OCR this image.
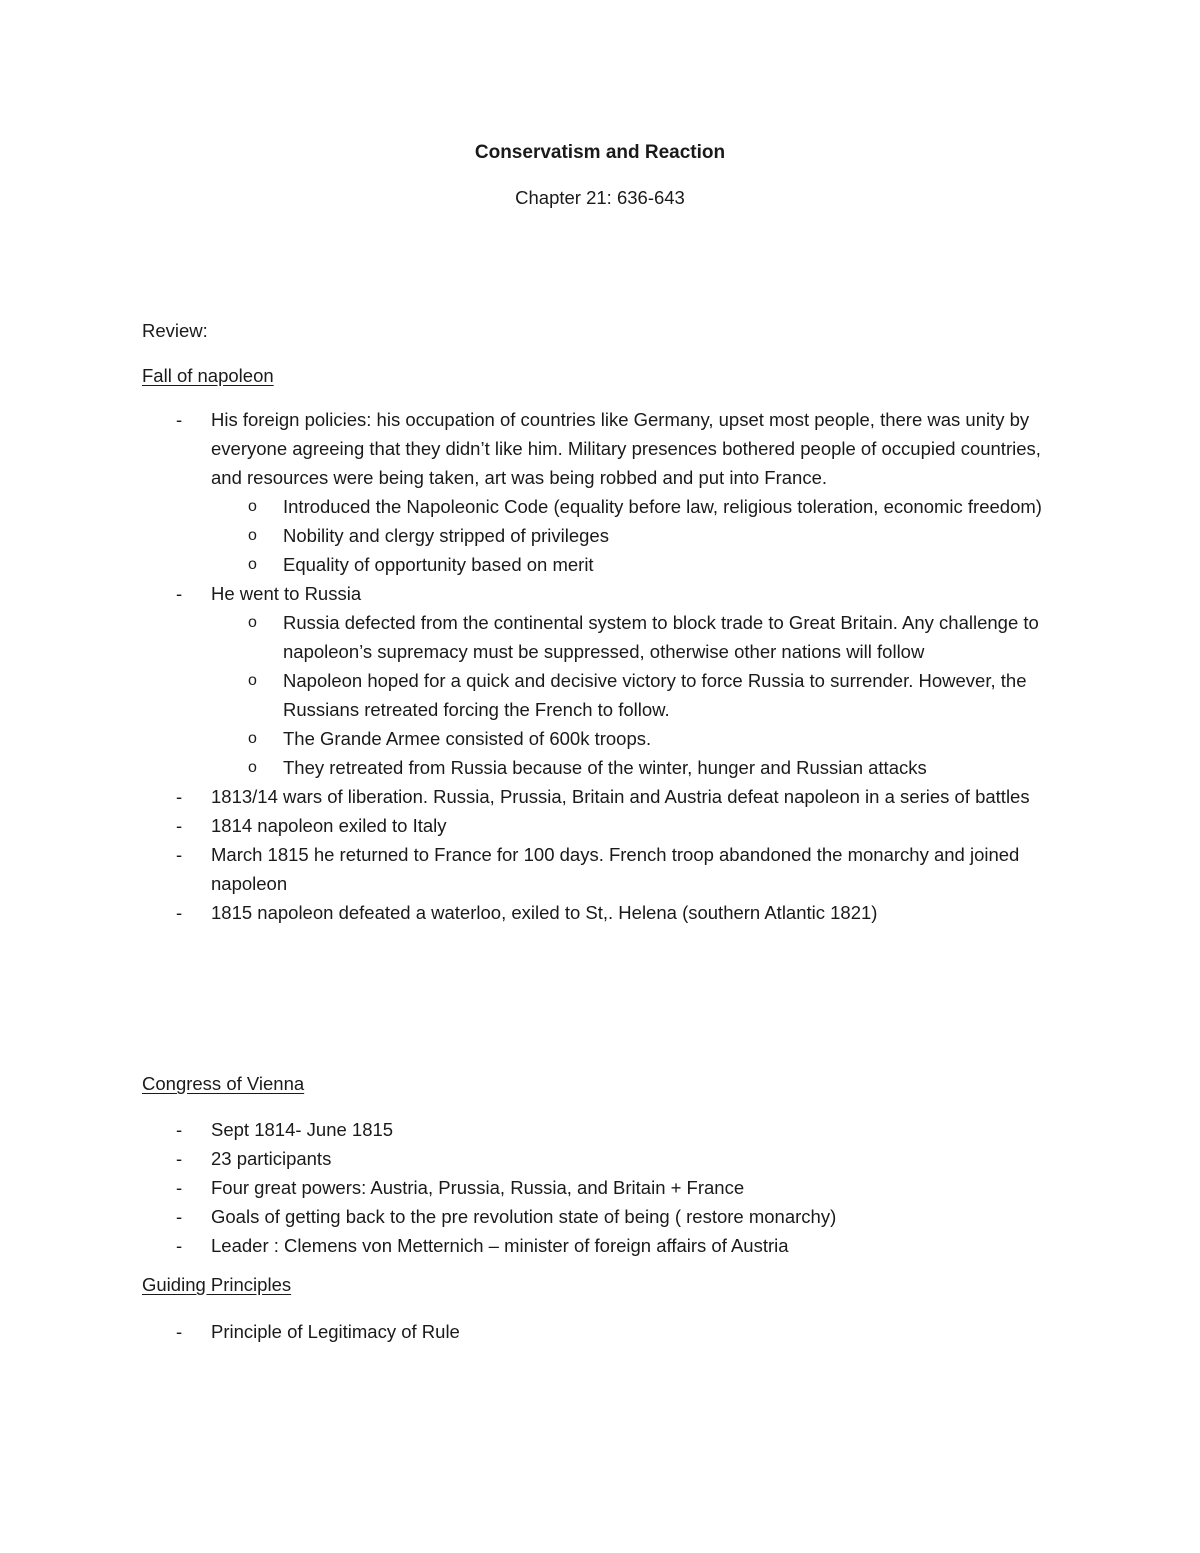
Conservatism and Reaction
Chapter 21: 636-643
Review:
Fall of napoleon
- His foreign policies: his occupation of countries like Germany, upset most people, there was unity by everyone agreeing that they didn’t like him. Military presences bothered people of occupied countries, and resources were being taken, art was being robbed and put into France.
o Introduced the Napoleonic Code (equality before law, religious toleration, economic freedom)
o Nobility and clergy stripped of privileges
o Equality of opportunity based on merit
- He went to Russia
o Russia defected from the continental system to block trade to Great Britain. Any challenge to napoleon’s supremacy must be suppressed, otherwise other nations will follow
o Napoleon hoped for a quick and decisive victory to force Russia to surrender. However, the Russians retreated forcing the French to follow.
o The Grande Armee consisted of 600k troops.
o They retreated from Russia because of the winter, hunger and Russian attacks
- 1813/14 wars of liberation. Russia, Prussia, Britain and Austria defeat napoleon in a series of battles
- 1814 napoleon exiled to Italy
- March 1815 he returned to France for 100 days. French troop abandoned the monarchy and joined napoleon
- 1815 napoleon defeated a waterloo, exiled to St,. Helena (southern Atlantic 1821)
Congress of Vienna
- Sept 1814- June 1815
- 23 participants
- Four great powers: Austria, Prussia, Russia, and Britain + France
- Goals of getting back to the pre revolution state of being ( restore monarchy)
- Leader : Clemens von Metternich – minister of foreign affairs of Austria
Guiding Principles
- Principle of Legitimacy of Rule
